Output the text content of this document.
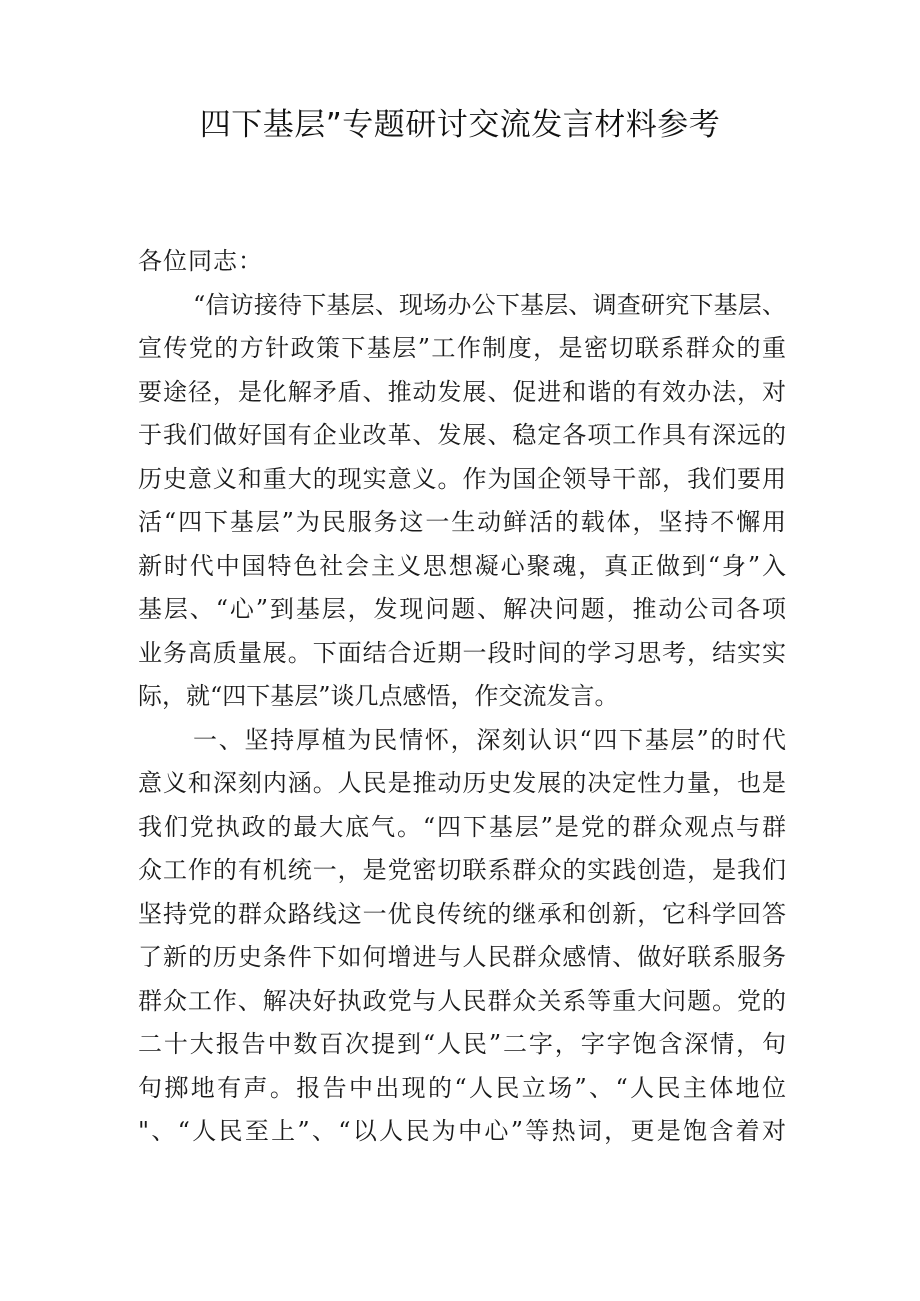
四下基层”专题研讨交流发言材料参考
各位同志：
“信访接待下基层、现场办公下基层、调查研究下基层、
宣传党的方针政策下基层”工作制度，是密切联系群众的重
要途径，是化解矛盾、推动发展、促进和谐的有效办法，对
于我们做好国有企业改革、发展、稳定各项工作具有深远的
历史意义和重大的现实意义。作为国企领导干部，我们要用
活“四下基层”为民服务这一生动鲜活的载体，坚持不懈用
新时代中国特色社会主义思想凝心聚魂，真正做到“身”入
基层、“心”到基层，发现问题、解决问题，推动公司各项
业务高质量展。下面结合近期一段时间的学习思考，结实实
际，就“四下基层”谈几点感悟，作交流发言。
一、坚持厚植为民情怀，深刻认识“四下基层”的时代
意义和深刻内涵。人民是推动历史发展的决定性力量，也是
我们党执政的最大底气。“四下基层”是党的群众观点与群
众工作的有机统一，是党密切联系群众的实践创造，是我们
坚持党的群众路线这一优良传统的继承和创新，它科学回答
了新的历史条件下如何增进与人民群众感情、做好联系服务
群众工作、解决好执政党与人民群众关系等重大问题。党的
二十大报告中数百次提到“人民”二字，字字饱含深情，句
句掷地有声。报告中出现的“人民立场”、“人民主体地位
"、“人民至上”、“以人民为中心”等热词，更是饱含着对
